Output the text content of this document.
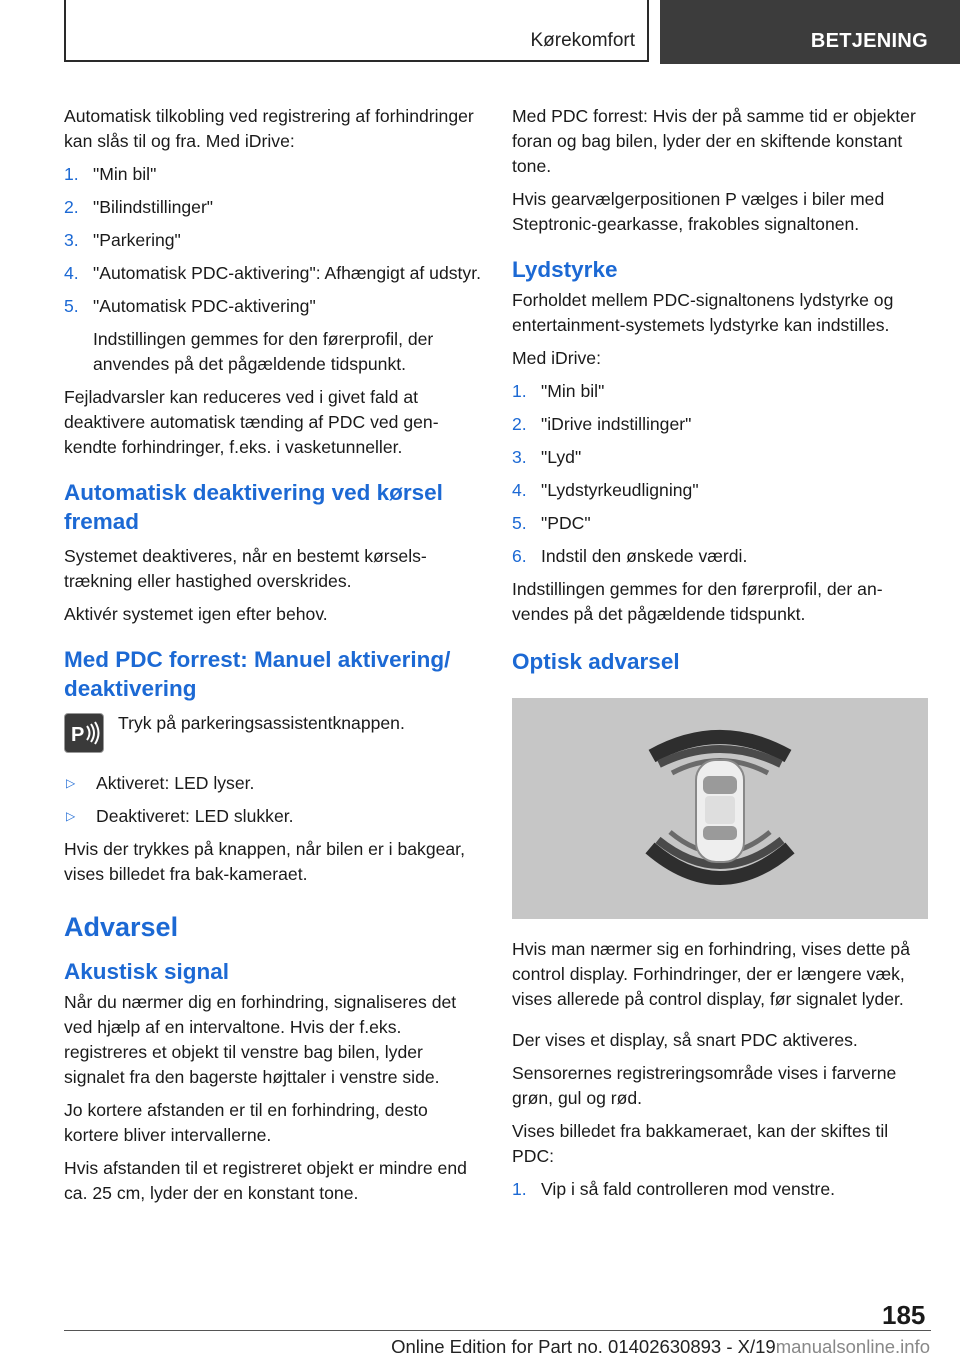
Kørekomfort	BETJENING

Automatisk tilkobling ved registrering af forhindringer kan slås til og fra. Med iDrive:

1. "Min bil"

2. "Bilindstillinger"

3. "Parkering"

4. "Automatisk PDC-aktivering": Afhængigt af udstyr.

5. "Automatisk PDC-aktivering"

Indstillingen gemmes for den førerprofil, der anvendes på det pågældende tidspunkt.

Fejladvarsler kan reduceres ved i givet fald at deaktivere automatisk tænding af PDC ved genkendte forhindringer, f.eks. i vasketunneller.

Automatisk deaktivering ved kørsel fremad

Systemet deaktiveres, når en bestemt kørselstrækning eller hastighed overskrides.

Aktivér systemet igen efter behov.

Med PDC forrest: Manuel aktivering/ deaktivering
P
Tryk på parkeringsassistentknappen.
▷	Aktiveret: LED lyser.
▷	Deaktiveret: LED slukker.

Hvis der trykkes på knappen, når bilen er i bakgear, vises billedet fra bak-kameraet.

Advarsel
Akustisk signal

Når du nærmer dig en forhindring, signaliseres det ved hjælp af en intervaltone. Hvis der f.eks. registreres et objekt til venstre bag bilen, lyder signalet fra den bagerste højttaler i venstre side.

Jo kortere afstanden er til en forhindring, desto kortere bliver intervallerne.

Hvis afstanden til et registreret objekt er mindre end ca. 25 cm, lyder der en konstant tone.

Med PDC forrest: Hvis der på samme tid er objekter foran og bag bilen, lyder der en skiftende konstant tone.

Hvis gearvælgerpositionen P vælges i biler med Steptronic-gearkasse, frakobles signaltonen.

Lydstyrke

Forholdet mellem PDC-signaltonens lydstyrke og entertainment-systemets lydstyrke kan indstilles.

Med iDrive:

1. "Min bil"
2. "iDrive indstillinger"
3. "Lyd"
4. "Lydstyrkeudligning"
5. "PDC"
6. Indstil den ønskede værdi.

Indstillingen gemmes for den førerprofil, der anvendes på det pågældende tidspunkt.

Optisk advarsel

Hvis man nærmer sig en forhindring, vises dette på control display. Forhindringer, der er længere væk, vises allerede på control display, før signalet lyder.

Der vises et display, så snart PDC aktiveres.

Sensorernes registreringsområde vises i farverne grøn, gul og rød.

Vises billedet fra bakkameraet, kan der skiftes til PDC:

1. Vip i så fald controlleren mod venstre.
185
Online Edition for Part no. 01402630893 - X/19manualsonline.info
